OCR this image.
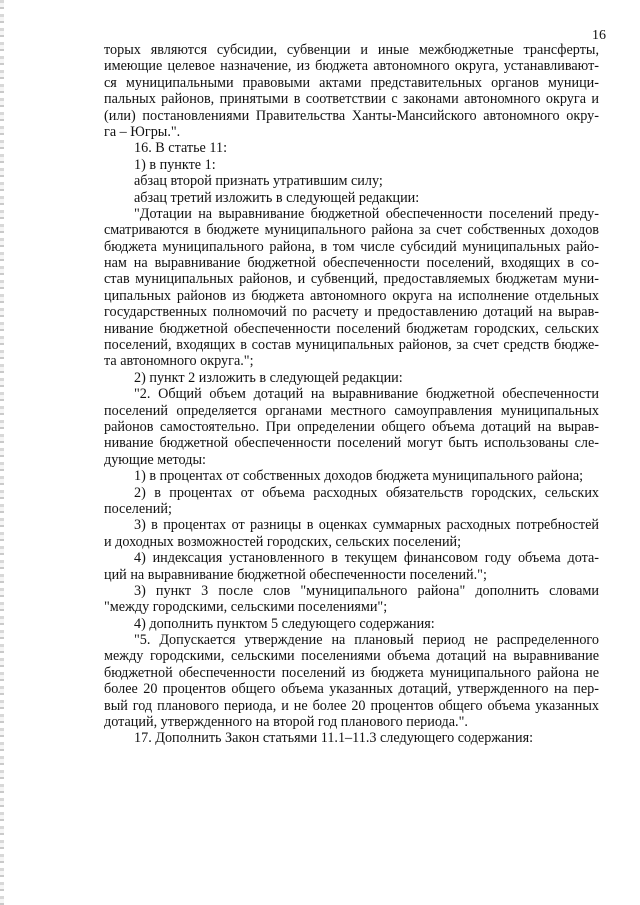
16
торых являются субсидии, субвенции и иные межбюджетные трансферты,
имеющие целевое назначение, из бюджета автономного округа, устанавливают-
ся муниципальными правовыми актами представительных органов муници-
пальных районов, принятыми в соответствии с законами автономного округа и
(или) постановлениями Правительства Ханты-Мансийского автономного окру-
га – Югры.".
16. В статье 11:
1) в пункте 1:
абзац второй признать утратившим силу;
абзац третий изложить в следующей редакции:
"Дотации на выравнивание бюджетной обеспеченности поселений преду-
сматриваются в бюджете муниципального района за счет собственных доходов
бюджета муниципального района, в том числе субсидий муниципальных райо-
нам на выравнивание бюджетной обеспеченности поселений, входящих в со-
став муниципальных районов, и субвенций, предоставляемых бюджетам муни-
ципальных районов из бюджета автономного округа на исполнение отдельных
государственных полномочий по расчету и предоставлению дотаций на вырав-
нивание бюджетной обеспеченности поселений бюджетам городских, сельских
поселений, входящих в состав муниципальных районов, за счет средств бюдже-
та автономного округа.";
2) пункт 2 изложить в следующей редакции:
"2. Общий объем дотаций на выравнивание бюджетной обеспеченности
поселений определяется органами местного самоуправления муниципальных
районов самостоятельно. При определении общего объема дотаций на вырав-
нивание бюджетной обеспеченности поселений могут быть использованы сле-
дующие методы:
1) в процентах от собственных доходов бюджета муниципального района;
2) в процентах от объема расходных обязательств городских, сельских
поселений;
3) в процентах от разницы в оценках суммарных расходных потребностей
и доходных возможностей городских, сельских поселений;
4) индексация установленного в текущем финансовом году объема дота-
ций на выравнивание бюджетной обеспеченности поселений.";
3) пункт 3 после слов "муниципального района" дополнить словами
"между городскими, сельскими поселениями";
4) дополнить пунктом 5 следующего содержания:
"5. Допускается утверждение на плановый период не распределенного
между городскими, сельскими поселениями объема дотаций на выравнивание
бюджетной обеспеченности поселений из бюджета муниципального района не
более 20 процентов общего объема указанных дотаций, утвержденного на пер-
вый год планового периода, и не более 20 процентов общего объема указанных
дотаций, утвержденного на второй год планового периода.".
17. Дополнить Закон статьями 11.1–11.3 следующего содержания:
